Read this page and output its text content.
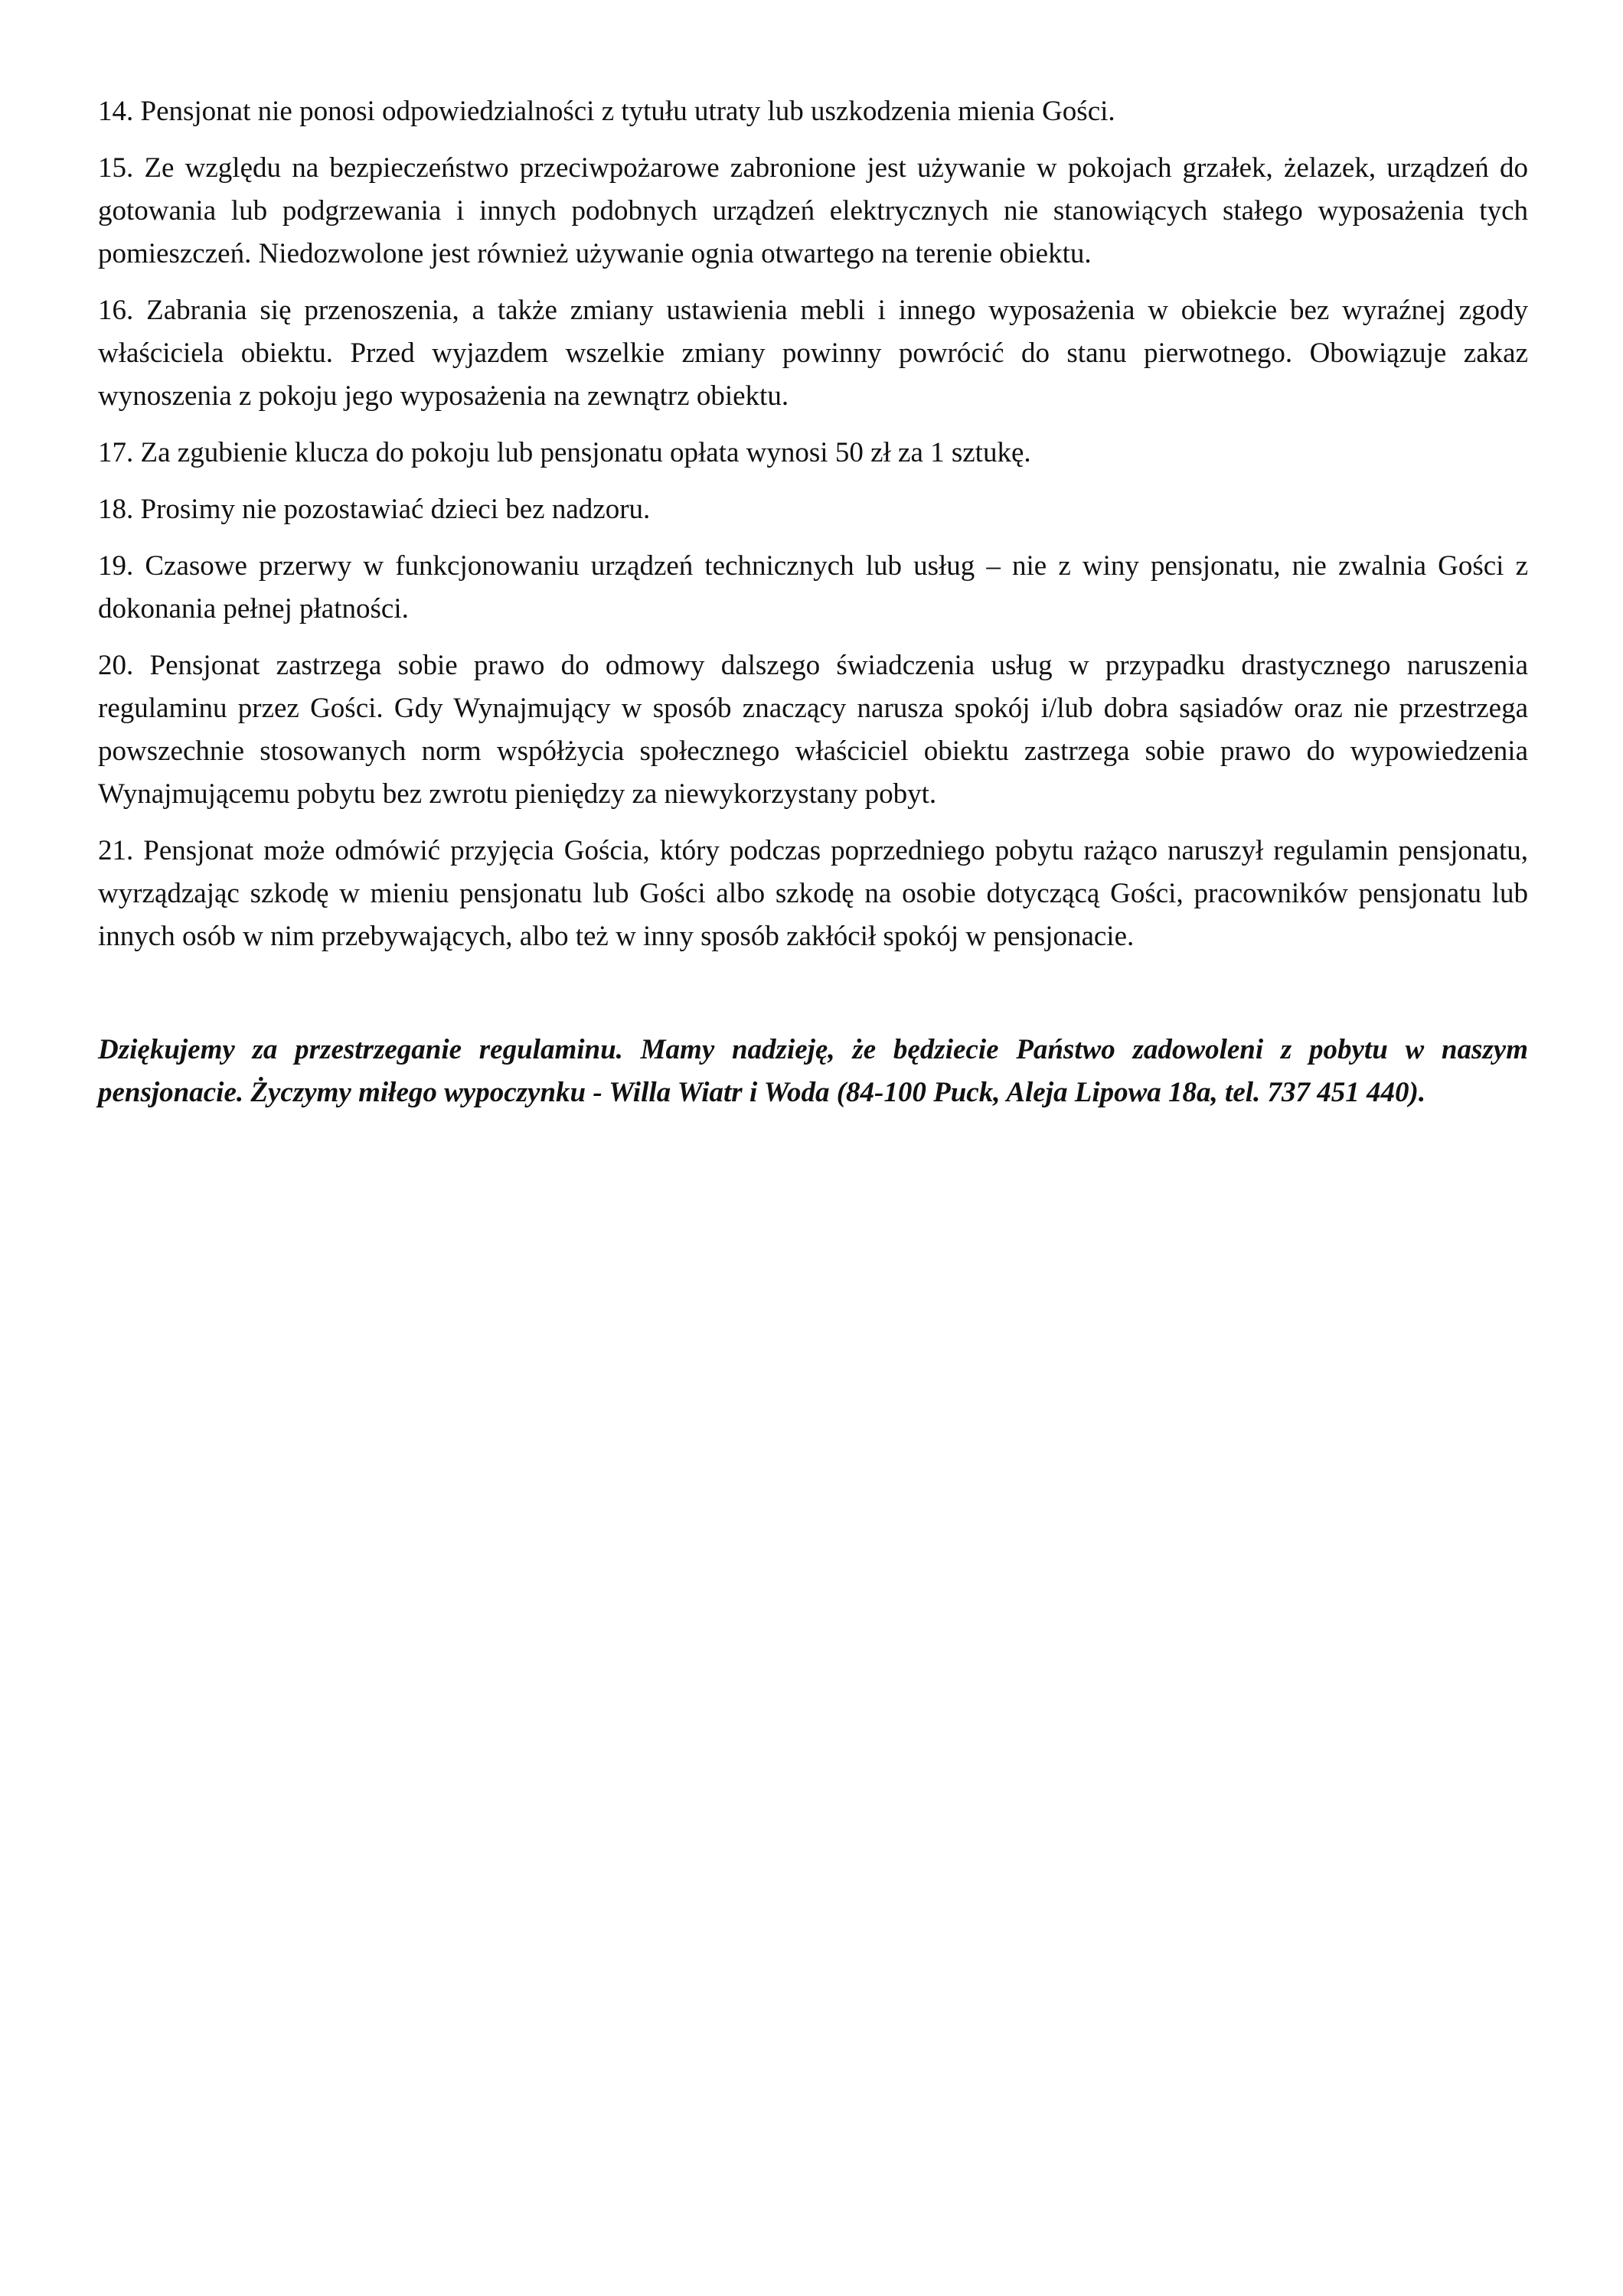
14. Pensjonat nie ponosi odpowiedzialności z tytułu utraty lub uszkodzenia mienia Gości.

15. Ze względu na bezpieczeństwo przeciwpożarowe zabronione jest używanie w pokojach grzałek, żelazek, urządzeń do gotowania lub podgrzewania i innych podobnych urządzeń elektrycznych nie stanowiących stałego wyposażenia tych pomieszczeń. Niedozwolone jest również używanie ognia otwartego na terenie obiektu.

16. Zabrania się przenoszenia, a także zmiany ustawienia mebli i innego wyposażenia w obiekcie bez wyraźnej zgody właściciela obiektu. Przed wyjazdem wszelkie zmiany powinny powrócić do stanu pierwotnego. Obowiązuje zakaz wynoszenia z pokoju jego wyposażenia na zewnątrz obiektu.

17. Za zgubienie klucza do pokoju lub pensjonatu opłata wynosi 50 zł za 1 sztukę.

18. Prosimy nie pozostawiać dzieci bez nadzoru.

19. Czasowe przerwy w funkcjonowaniu urządzeń technicznych lub usług – nie z winy pensjonatu, nie zwalnia Gości z dokonania pełnej płatności.

20. Pensjonat zastrzega sobie prawo do odmowy dalszego świadczenia usług w przypadku drastycznego naruszenia regulaminu przez Gości. Gdy Wynajmujący w sposób znaczący narusza spokój i/lub dobra sąsiadów oraz nie przestrzega powszechnie stosowanych norm współżycia społecznego właściciel obiektu zastrzega sobie prawo do wypowiedzenia Wynajmującemu pobytu bez zwrotu pieniędzy za niewykorzystany pobyt.

21. Pensjonat może odmówić przyjęcia Gościa, który podczas poprzedniego pobytu rażąco naruszył regulamin pensjonatu, wyrządzając szkodę w mieniu pensjonatu lub Gości albo szkodę na osobie dotyczącą Gości, pracowników pensjonatu lub innych osób w nim przebywających, albo też w inny sposób zakłócił spokój w pensjonacie.

Dziękujemy za przestrzeganie regulaminu. Mamy nadzieję, że będziecie Państwo zadowoleni z pobytu w naszym pensjonacie. Życzymy miłego wypoczynku - Willa Wiatr i Woda (84-100 Puck, Aleja Lipowa 18a, tel. 737 451 440).
